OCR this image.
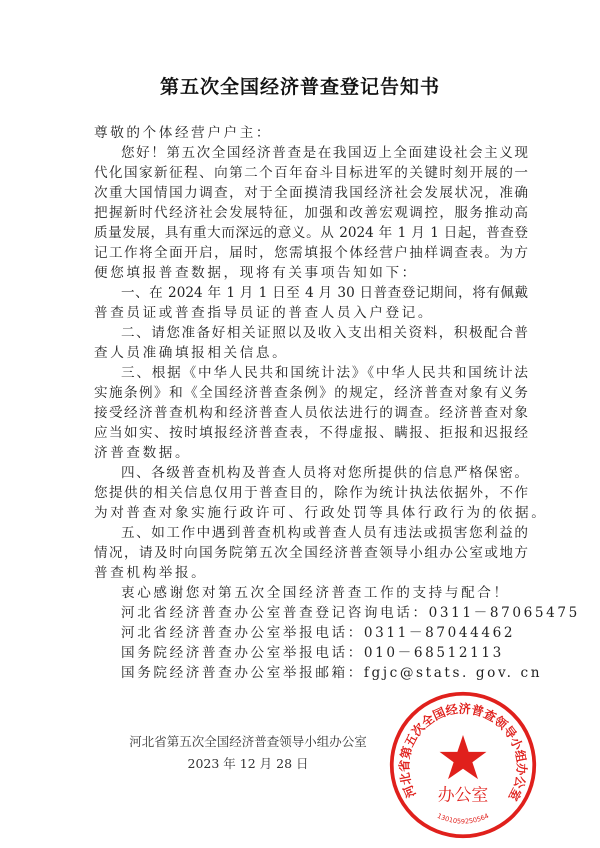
第五次全国经济普查登记告知书
尊敬的个体经营户户主：
您好！第五次全国经济普查是在我国迈上全面建设社会主义现
代化国家新征程、向第二个百年奋斗目标进军的关键时刻开展的一
次重大国情国力调查，对于全面摸清我国经济社会发展状况，准确
把握新时代经济社会发展特征，加强和改善宏观调控，服务推动高
质量发展，具有重大而深远的意义。从 2024 年 1 月 1 日起，普查登
记工作将全面开启，届时，您需填报个体经营户抽样调查表。为方
便您填报普查数据，现将有关事项告知如下：
一、在 2024 年 1 月 1 日至 4 月 30 日普查登记期间，将有佩戴
普查员证或普查指导员证的普查人员入户登记。
二、请您准备好相关证照以及收入支出相关资料，积极配合普
查人员准确填报相关信息。
三、根据《中华人民共和国统计法》《中华人民共和国统计法
实施条例》和《全国经济普查条例》的规定，经济普查对象有义务
接受经济普查机构和经济普查人员依法进行的调查。经济普查对象
应当如实、按时填报经济普查表，不得虚报、瞒报、拒报和迟报经
济普查数据。
四、各级普查机构及普查人员将对您所提供的信息严格保密。
您提供的相关信息仅用于普查目的，除作为统计执法依据外，不作
为对普查对象实施行政许可、行政处罚等具体行政行为的依据。
五、如工作中遇到普查机构或普查人员有违法或损害您利益的
情况，请及时向国务院第五次全国经济普查领导小组办公室或地方
普查机构举报。
衷心感谢您对第五次全国经济普查工作的支持与配合！
河北省经济普查办公室普查登记咨询电话：0311－87065475
河北省经济普查办公室举报电话：0311－87044462
国务院经济普查办公室举报电话：010－68512113
国务院经济普查办公室举报邮箱：fgjc@stats. gov. cn
河北省第五次全国经济普查领导小组办公室
2023 年 12 月 28 日
河北省第五次全国经济普查领导小组办公室
办公室
1301059250564
